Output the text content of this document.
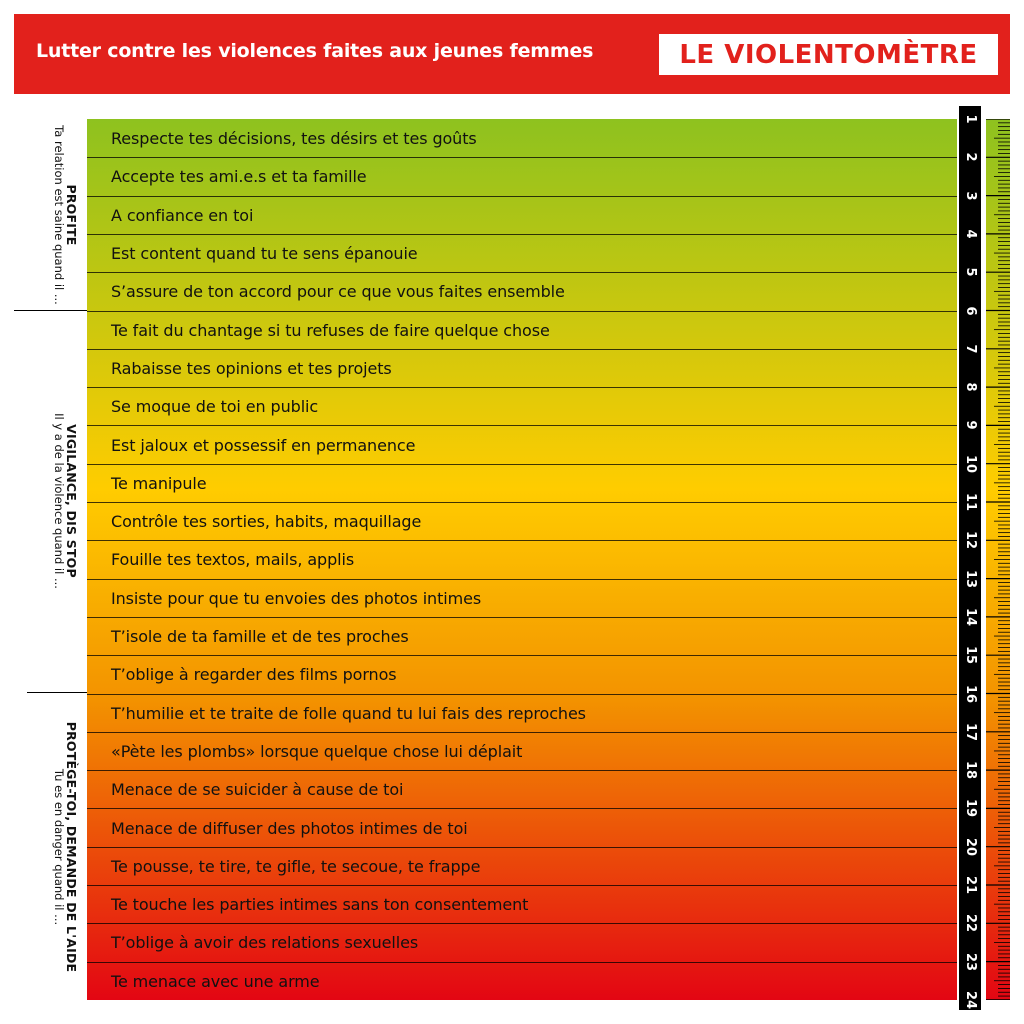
Lutter contre les violences faites aux jeunes femmes	LE VIOLENTOMÈTRE
PROFITE
Ta relation est saine quand il ...
VIGILANCE, DIS STOP
Il y a de la violence quand il ...
PROTÈGE-TOI, DEMANDE DE L'AIDE
Tu es en danger quand il ...
Respecte tes décisions, tes désirs et tes goûts
Accepte tes ami.e.s et ta famille
A confiance en toi
Est content quand tu te sens épanouie
S’assure de ton accord pour ce que vous faites ensemble
Te fait du chantage si tu refuses de faire quelque chose
Rabaisse tes opinions et tes projets
Se moque de toi en public
Est jaloux et possessif en permanence
Te manipule
Contrôle tes sorties, habits, maquillage
Fouille tes textos, mails, applis
Insiste pour que tu envoies des photos intimes
T’isole de ta famille et de tes proches
T’oblige à regarder des films pornos
T’humilie et te traite de folle quand tu lui fais des reproches
«Pète les plombs» lorsque quelque chose lui déplait
Menace de se suicider à cause de toi
Menace de diffuser des photos intimes de toi
Te pousse, te tire, te gifle, te secoue, te frappe
Te touche les parties intimes sans ton consentement
T’oblige à avoir des relations sexuelles
Te menace avec une arme
1
2
3
4
5
6
7
8
9
10
11
12
13
14
15
16
17
18
19
20
21
22
23
24
